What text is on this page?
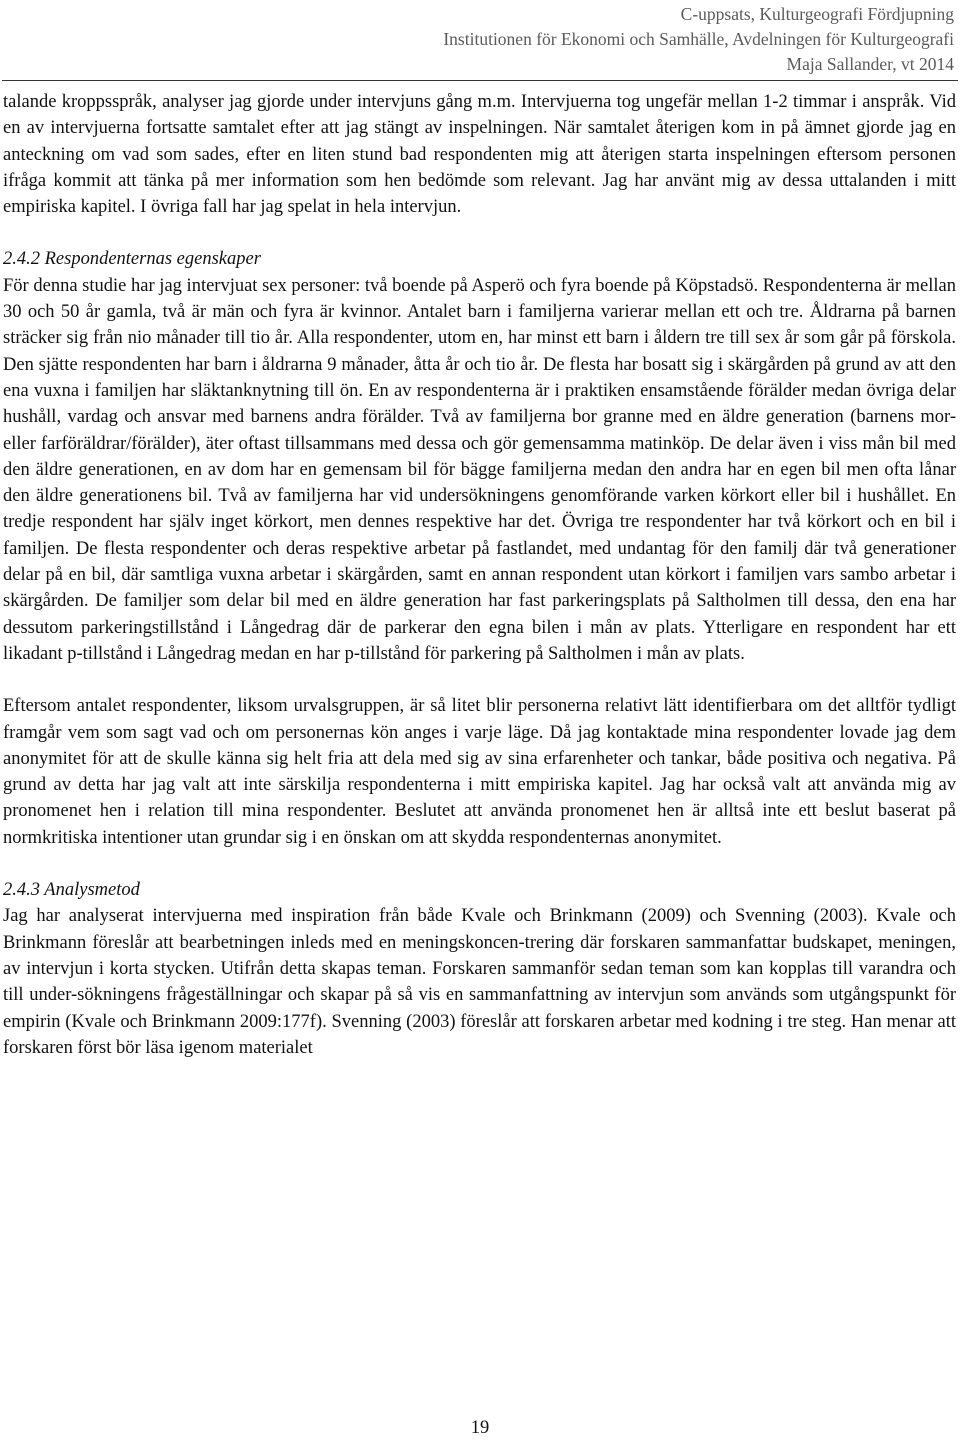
C-uppsats, Kulturgeografi Fördjupning
Institutionen för Ekonomi och Samhälle, Avdelningen för Kulturgeografi
Maja Sallander, vt 2014

talande kroppsspråk, analyser jag gjorde under intervjuns gång m.m. Intervjuerna tog ungefär mellan 1-2 timmar i anspråk. Vid en av intervjuerna fortsatte samtalet efter att jag stängt av inspelningen. När samtalet återigen kom in på ämnet gjorde jag en anteckning om vad som sades, efter en liten stund bad respondenten mig att återigen starta inspelningen eftersom personen ifråga kommit att tänka på mer information som hen bedömde som relevant. Jag har använt mig av dessa uttalanden i mitt empiriska kapitel. I övriga fall har jag spelat in hela intervjun.

2.4.2 Respondenternas egenskaper

För denna studie har jag intervjuat sex personer: två boende på Asperö och fyra boende på Köpstadsö. Respondenterna är mellan 30 och 50 år gamla, två är män och fyra är kvinnor. Antalet barn i familjerna varierar mellan ett och tre. Åldrarna på barnen sträcker sig från nio månader till tio år. Alla respondenter, utom en, har minst ett barn i åldern tre till sex år som går på förskola. Den sjätte respondenten har barn i åldrarna 9 månader, åtta år och tio år. De flesta har bosatt sig i skärgården på grund av att den ena vuxna i familjen har släktanknytning till ön. En av respondenterna är i praktiken ensamstående förälder medan övriga delar hushåll, vardag och ansvar med barnens andra förälder. Två av familjerna bor granne med en äldre generation (barnens mor- eller farföräldrar/förälder), äter oftast tillsammans med dessa och gör gemensamma matinköp. De delar även i viss mån bil med den äldre generationen, en av dom har en gemensam bil för bägge familjerna medan den andra har en egen bil men ofta lånar den äldre generationens bil. Två av familjerna har vid undersökningens genomförande varken körkort eller bil i hushållet. En tredje respondent har själv inget körkort, men dennes respektive har det. Övriga tre respondenter har två körkort och en bil i familjen. De flesta respondenter och deras respektive arbetar på fastlandet, med undantag för den familj där två generationer delar på en bil, där samtliga vuxna arbetar i skärgården, samt en annan respondent utan körkort i familjen vars sambo arbetar i skärgården. De familjer som delar bil med en äldre generation har fast parkeringsplats på Saltholmen till dessa, den ena har dessutom parkeringstillstånd i Långedrag där de parkerar den egna bilen i mån av plats. Ytterligare en respondent har ett likadant p-tillstånd i Långedrag medan en har p-tillstånd för parkering på Saltholmen i mån av plats.

Eftersom antalet respondenter, liksom urvalsgruppen, är så litet blir personerna relativt lätt identifierbara om det alltför tydligt framgår vem som sagt vad och om personernas kön anges i varje läge. Då jag kontaktade mina respondenter lovade jag dem anonymitet för att de skulle känna sig helt fria att dela med sig av sina erfarenheter och tankar, både positiva och negativa. På grund av detta har jag valt att inte särskilja respondenterna i mitt empiriska kapitel. Jag har också valt att använda mig av pronomenet hen i relation till mina respondenter. Beslutet att använda pronomenet hen är alltså inte ett beslut baserat på normkritiska intentioner utan grundar sig i en önskan om att skydda respondenternas anonymitet.

2.4.3 Analysmetod

Jag har analyserat intervjuerna med inspiration från både Kvale och Brinkmann (2009) och Svenning (2003). Kvale och Brinkmann föreslår att bearbetningen inleds med en meningskoncen-trering där forskaren sammanfattar budskapet, meningen, av intervjun i korta stycken. Utifrån detta skapas teman. Forskaren sammanför sedan teman som kan kopplas till varandra och till under-sökningens frågeställningar och skapar på så vis en sammanfattning av intervjun som används som utgångspunkt för empirin (Kvale och Brinkmann 2009:177f). Svenning (2003) föreslår att forskaren arbetar med kodning i tre steg. Han menar att forskaren först bör läsa igenom materialet

19
